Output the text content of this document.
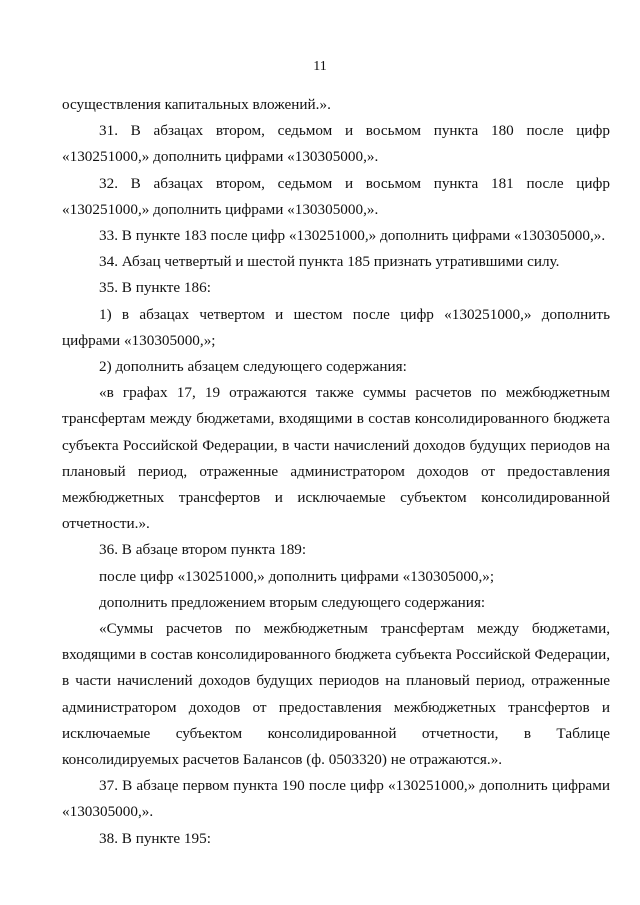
11

осуществления капитальных вложений.».

31. В абзацах втором, седьмом и восьмом пункта 180 после цифр «130251000,» дополнить цифрами «130305000,».

32. В абзацах втором, седьмом и восьмом пункта 181 после цифр «130251000,» дополнить цифрами «130305000,».

33. В пункте 183 после цифр «130251000,» дополнить цифрами «130305000,».

34. Абзац четвертый и шестой пункта 185 признать утратившими силу.

35. В пункте 186:

1) в абзацах четвертом и шестом после цифр «130251000,» дополнить цифрами «130305000,»;

2) дополнить абзацем следующего содержания:

«в графах 17, 19 отражаются также суммы расчетов по межбюджетным трансфертам между бюджетами, входящими в состав консолидированного бюджета субъекта Российской Федерации, в части начислений доходов будущих периодов на плановый период, отраженные администратором доходов от предоставления межбюджетных трансфертов и исключаемые субъектом консолидированной отчетности.».

36. В абзаце втором пункта 189:

после цифр «130251000,» дополнить цифрами «130305000,»;

дополнить предложением вторым следующего содержания:

«Суммы расчетов по межбюджетным трансфертам между бюджетами, входящими в состав консолидированного бюджета субъекта Российской Федерации, в части начислений доходов будущих периодов на плановый период, отраженные администратором доходов от предоставления межбюджетных трансфертов и исключаемые субъектом консолидированной отчетности, в Таблице консолидируемых расчетов Балансов (ф. 0503320) не отражаются.».

37. В абзаце первом пункта 190 после цифр «130251000,» дополнить цифрами «130305000,».

38. В пункте 195:
